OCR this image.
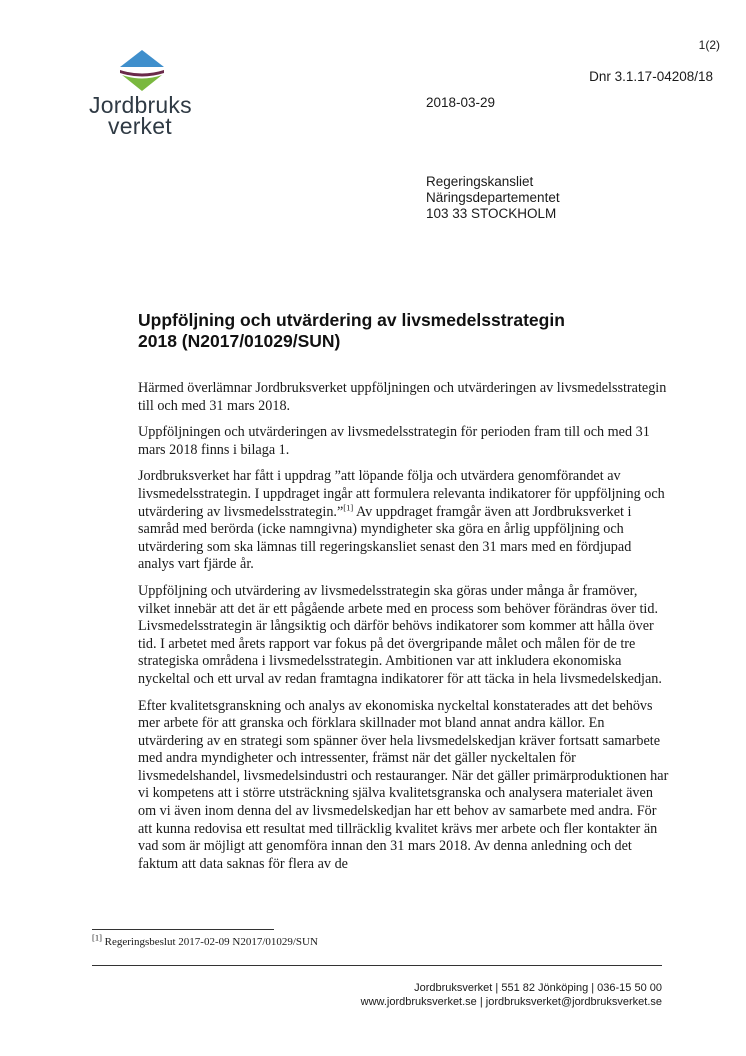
1(2)
Dnr 3.1.17-04208/18
2018-03-29
Jordbruks
verket
Regeringskansliet
Näringsdepartementet
103 33 STOCKHOLM
Uppföljning och utvärdering av livsmedelsstrategin
2018 (N2017/01029/SUN)

Härmed överlämnar Jordbruksverket uppföljningen och utvärderingen av livsmedelsstrategin till och med 31 mars 2018.

Uppföljningen och utvärderingen av livsmedelsstrategin för perioden fram till och med 31 mars 2018 finns i bilaga 1.

Jordbruksverket har fått i uppdrag ”att löpande följa och utvärdera genomförandet av livsmedelsstrategin. I uppdraget ingår att formulera relevanta indikatorer för uppföljning och utvärdering av livsmedelsstrategin.”[1] Av uppdraget framgår även att Jordbruksverket i samråd med berörda (icke namngivna) myndigheter ska göra en årlig uppföljning och utvärdering som ska lämnas till regeringskansliet senast den 31 mars med en fördjupad analys vart fjärde år.

Uppföljning och utvärdering av livsmedelsstrategin ska göras under många år framöver, vilket innebär att det är ett pågående arbete med en process som behöver förändras över tid. Livsmedelsstrategin är långsiktig och därför behövs indikatorer som kommer att hålla över tid. I arbetet med årets rapport var fokus på det övergripande målet och målen för de tre strategiska områdena i livsmedelsstrategin. Ambitionen var att inkludera ekonomiska nyckeltal och ett urval av redan framtagna indikatorer för att täcka in hela livsmedelskedjan.

Efter kvalitetsgranskning och analys av ekonomiska nyckeltal konstaterades att det behövs mer arbete för att granska och förklara skillnader mot bland annat andra källor. En utvärdering av en strategi som spänner över hela livsmedelskedjan kräver fortsatt samarbete med andra myndigheter och intressenter, främst när det gäller nyckeltalen för livsmedelshandel, livsmedelsindustri och restauranger. När det gäller primärproduktionen har vi kompetens att i större utsträckning själva kvalitetsgranska och analysera materialet även om vi även inom denna del av livsmedelskedjan har ett behov av samarbete med andra. För att kunna redovisa ett resultat med tillräcklig kvalitet krävs mer arbete och fler kontakter än vad som är möjligt att genomföra innan den 31 mars 2018. Av denna anledning och det faktum att data saknas för flera av de

[1] Regeringsbeslut 2017-02-09 N2017/01029/SUN
Jordbruksverket | 551 82 Jönköping | 036-15 50 00
www.jordbruksverket.se | jordbruksverket@jordbruksverket.se
